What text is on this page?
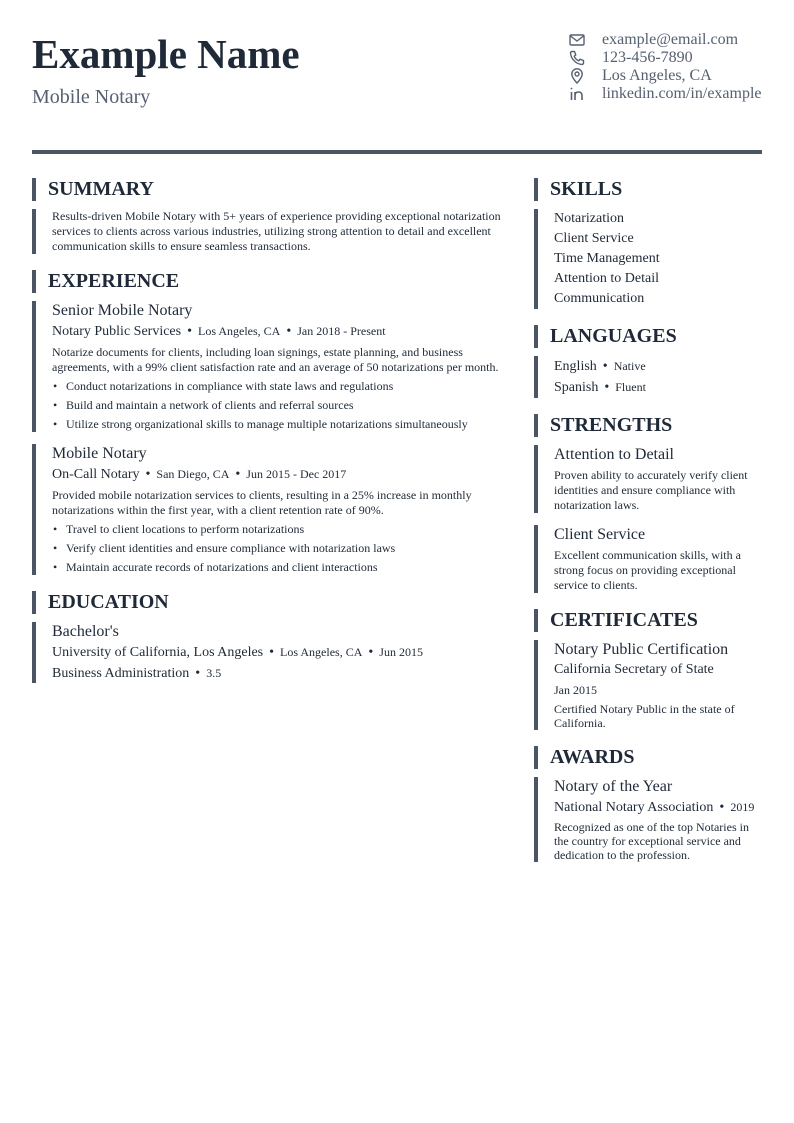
Example Name
Mobile Notary
example@email.com
123-456-7890
Los Angeles, CA
linkedin.com/in/example
SUMMARY
Results-driven Mobile Notary with 5+ years of experience providing exceptional notarization services to clients across various industries, utilizing strong attention to detail and excellent communication skills to ensure seamless transactions.
EXPERIENCE
Senior Mobile Notary
Notary Public Services • Los Angeles, CA • Jan 2018 - Present
Notarize documents for clients, including loan signings, estate planning, and business agreements, with a 99% client satisfaction rate and an average of 50 notarizations per month.
• Conduct notarizations in compliance with state laws and regulations
• Build and maintain a network of clients and referral sources
• Utilize strong organizational skills to manage multiple notarizations simultaneously
Mobile Notary
On-Call Notary • San Diego, CA • Jun 2015 - Dec 2017
Provided mobile notarization services to clients, resulting in a 25% increase in monthly notarizations within the first year, with a client retention rate of 90%.
• Travel to client locations to perform notarizations
• Verify client identities and ensure compliance with notarization laws
• Maintain accurate records of notarizations and client interactions
EDUCATION
Bachelor's
University of California, Los Angeles • Los Angeles, CA • Jun 2015
Business Administration • 3.5
SKILLS
Notarization
Client Service
Time Management
Attention to Detail
Communication
LANGUAGES
English • Native
Spanish • Fluent
STRENGTHS
Attention to Detail
Proven ability to accurately verify client identities and ensure compliance with notarization laws.
Client Service
Excellent communication skills, with a strong focus on providing exceptional service to clients.
CERTIFICATES
Notary Public Certification
California Secretary of State
Jan 2015
Certified Notary Public in the state of California.
AWARDS
Notary of the Year
National Notary Association • 2019
Recognized as one of the top Notaries in the country for exceptional service and dedication to the profession.
